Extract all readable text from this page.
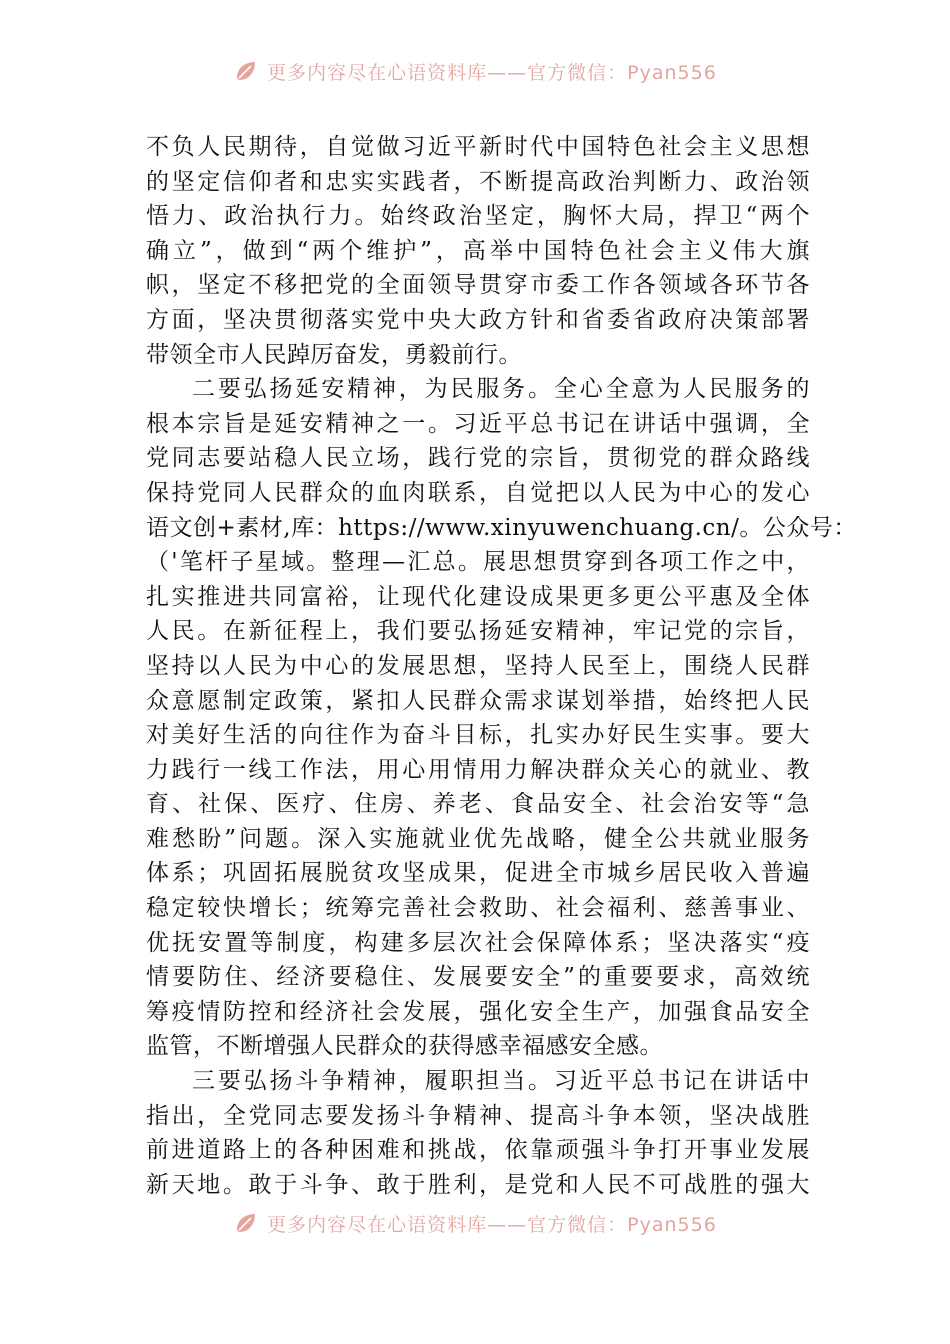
更多内容尽在心语资料库——官方微信：Pyan556
不负人民期待，自觉做习近平新时代中国特色社会主义思想
的坚定信仰者和忠实实践者，不断提高政治判断力、政治领
悟力、政治执行力。始终政治坚定，胸怀大局，捍卫“两个
确立”，做到“两个维护”，高举中国特色社会主义伟大旗
帜，坚定不移把党的全面领导贯穿市委工作各领域各环节各
方面，坚决贯彻落实党中央大政方针和省委省政府决策部署
带领全市人民踔厉奋发，勇毅前行。
二要弘扬延安精神，为民服务。全心全意为人民服务的
根本宗旨是延安精神之一。习近平总书记在讲话中强调，全
党同志要站稳人民立场，践行党的宗旨，贯彻党的群众路线
保持党同人民群众的血肉联系，自觉把以人民为中心的发心
语文创+素材,库：https://www.xinyuwenchuang.cn/。公众号：
（'笔杆子星域。整理—汇总。展思想贯穿到各项工作之中，
扎实推进共同富裕，让现代化建设成果更多更公平惠及全体
人民。在新征程上，我们要弘扬延安精神，牢记党的宗旨，
坚持以人民为中心的发展思想，坚持人民至上，围绕人民群
众意愿制定政策，紧扣人民群众需求谋划举措，始终把人民
对美好生活的向往作为奋斗目标，扎实办好民生实事。要大
力践行一线工作法，用心用情用力解决群众关心的就业、教
育、社保、医疗、住房、养老、食品安全、社会治安等“急
难愁盼”问题。深入实施就业优先战略，健全公共就业服务
体系；巩固拓展脱贫攻坚成果，促进全市城乡居民收入普遍
稳定较快增长；统筹完善社会救助、社会福利、慈善事业、
优抚安置等制度，构建多层次社会保障体系；坚决落实“疫
情要防住、经济要稳住、发展要安全”的重要要求，高效统
筹疫情防控和经济社会发展，强化安全生产，加强食品安全
监管，不断增强人民群众的获得感幸福感安全感。
三要弘扬斗争精神，履职担当。习近平总书记在讲话中
指出，全党同志要发扬斗争精神、提高斗争本领，坚决战胜
前进道路上的各种困难和挑战，依靠顽强斗争打开事业发展
新天地。敢于斗争、敢于胜利，是党和人民不可战胜的强大
更多内容尽在心语资料库——官方微信：Pyan556
